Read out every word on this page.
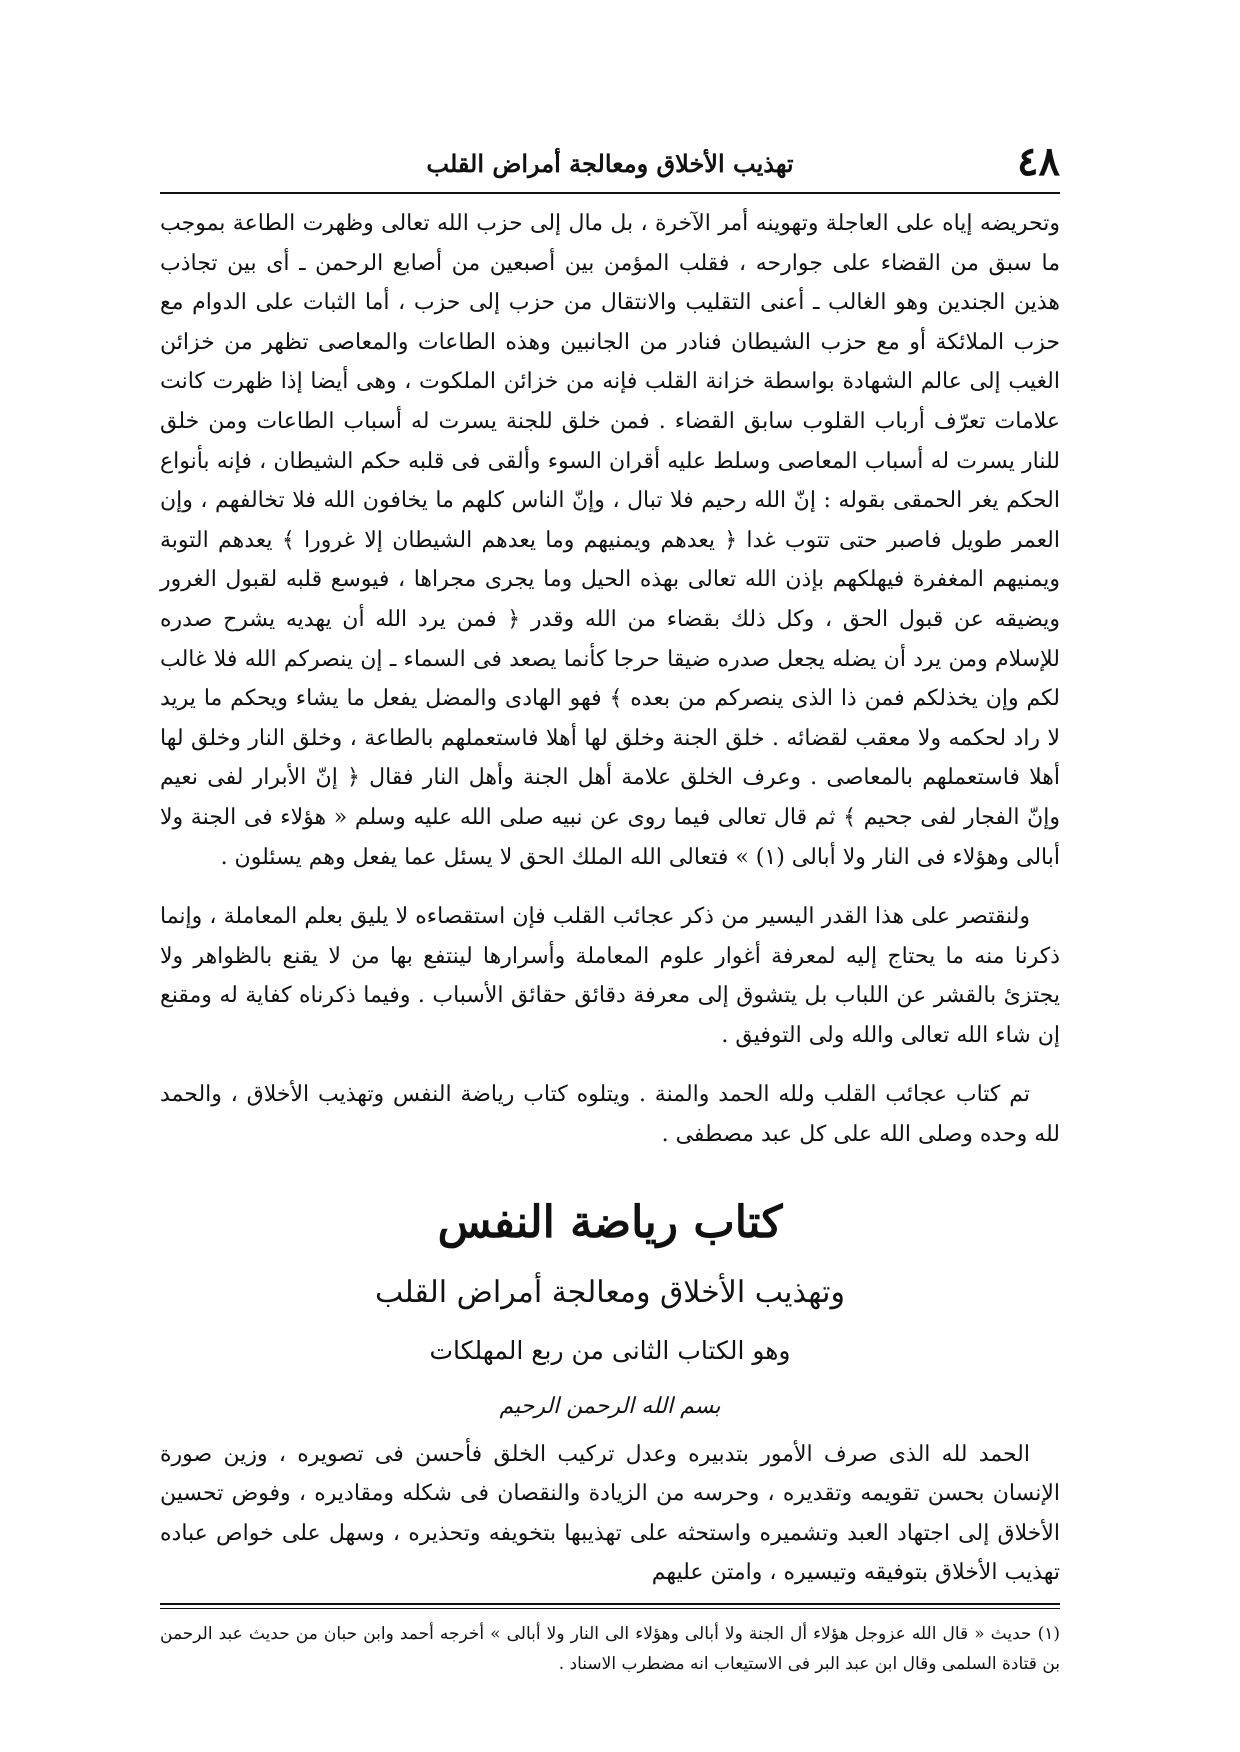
٤٨
تهذيب الأخلاق ومعالجة أمراض القلب

وتحريضه إياه على العاجلة وتهوينه أمر الآخرة ، بل مال إلى حزب الله تعالى وظهرت الطاعة بموجب ما سبق من القضاء على جوارحه ، فقلب المؤمن بين أصبعين من أصابع الرحمن ـ أى بين تجاذب هذين الجندين وهو الغالب ـ أعنى التقليب والانتقال من حزب إلى حزب ، أما الثبات على الدوام مع حزب الملائكة أو مع حزب الشيطان فنادر من الجانبين وهذه الطاعات والمعاصى تظهر من خزائن الغيب إلى عالم الشهادة بواسطة خزانة القلب فإنه من خزائن الملكوت ، وهى أيضا إذا ظهرت كانت علامات تعرّف أرباب القلوب سابق القضاء . فمن خلق للجنة يسرت له أسباب الطاعات ومن خلق للنار يسرت له أسباب المعاصى وسلط عليه أقران السوء وألقى فى قلبه حكم الشيطان ، فإنه بأنواع الحكم يغر الحمقى بقوله : إنّ الله رحيم فلا تبال ، وإنّ الناس كلهم ما يخافون الله فلا تخالفهم ، وإن العمر طويل فاصبر حتى تتوب غدا ﴿ يعدهم ويمنيهم وما يعدهم الشيطان إلا غرورا ﴾ يعدهم التوبة ويمنيهم المغفرة فيهلكهم بإذن الله تعالى بهذه الحيل وما يجرى مجراها ، فيوسع قلبه لقبول الغرور ويضيقه عن قبول الحق ، وكل ذلك بقضاء من الله وقدر ﴿ فمن يرد الله أن يهديه يشرح صدره للإسلام ومن يرد أن يضله يجعل صدره ضيقا حرجا كأنما يصعد فى السماء ـ إن ينصركم الله فلا غالب لكم وإن يخذلكم فمن ذا الذى ينصركم من بعده ﴾ فهو الهادى والمضل يفعل ما يشاء ويحكم ما يريد لا راد لحكمه ولا معقب لقضائه . خلق الجنة وخلق لها أهلا فاستعملهم بالطاعة ، وخلق النار وخلق لها أهلا فاستعملهم بالمعاصى . وعرف الخلق علامة أهل الجنة وأهل النار فقال ﴿ إنّ الأبرار لفى نعيم وإنّ الفجار لفى جحيم ﴾ ثم قال تعالى فيما روى عن نبيه صلى الله عليه وسلم « هؤلاء فى الجنة ولا أبالى وهؤلاء فى النار ولا أبالى (١) » فتعالى الله الملك الحق لا يسئل عما يفعل وهم يسئلون .

ولنقتصر على هذا القدر اليسير من ذكر عجائب القلب فإن استقصاءه لا يليق بعلم المعاملة ، وإنما ذكرنا منه ما يحتاج إليه لمعرفة أغوار علوم المعاملة وأسرارها لينتفع بها من لا يقنع بالظواهر ولا يجتزئ بالقشر عن اللباب بل يتشوق إلى معرفة دقائق حقائق الأسباب . وفيما ذكرناه كفاية له ومقنع إن شاء الله تعالى والله ولى التوفيق .

تم كتاب عجائب القلب ولله الحمد والمنة . ويتلوه كتاب رياضة النفس وتهذيب الأخلاق ، والحمد لله وحده وصلى الله على كل عبد مصطفى .

كتاب رياضة النفس
وتهذيب الأخلاق ومعالجة أمراض القلب
وهو الكتاب الثانى من ربع المهلكات
بسم الله الرحمن الرحيم

الحمد لله الذى صرف الأمور بتدبيره وعدل تركيب الخلق فأحسن فى تصويره ، وزين صورة الإنسان بحسن تقويمه وتقديره ، وحرسه من الزيادة والنقصان فى شكله ومقاديره ، وفوض تحسين الأخلاق إلى اجتهاد العبد وتشميره واستحثه على تهذيبها بتخويفه وتحذيره ، وسهل على خواص عباده تهذيب الأخلاق بتوفيقه وتيسيره ، وامتن عليهم

(١) حديث « قال الله عزوجل هؤلاء أل الجنة ولا أبالى وهؤلاء الى النار ولا أبالى » أخرجه أحمد وابن حبان من حديث عبد الرحمن بن قتادة السلمى وقال ابن عبد البر فى الاستيعاب انه مضطرب الاسناد .
